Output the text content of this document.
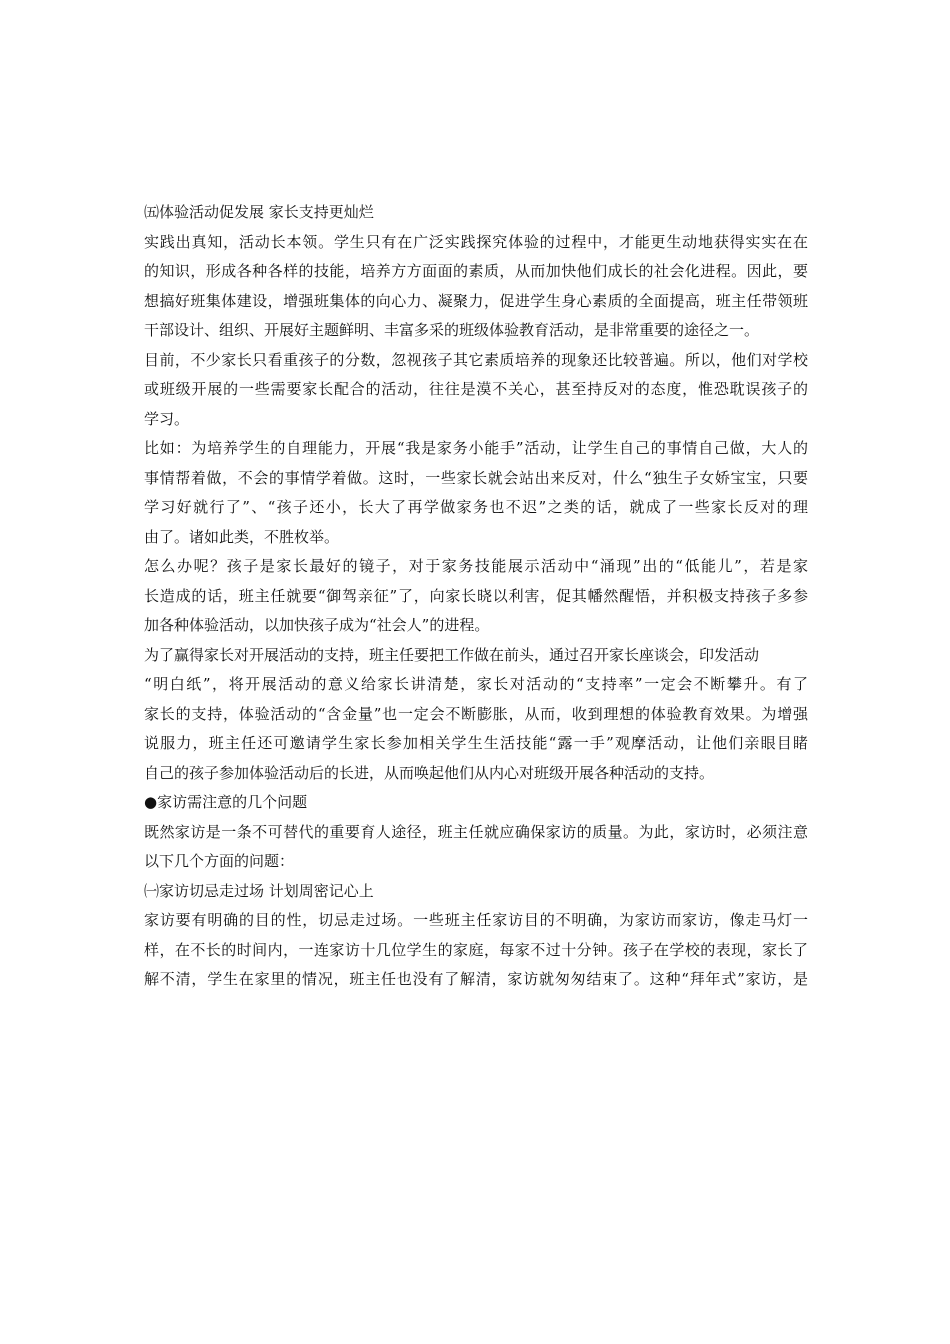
㈤体验活动促发展 家长支持更灿烂
实践出真知，活动长本领。学生只有在广泛实践探究体验的过程中，才能更生动地获得实实在在
的知识，形成各种各样的技能，培养方方面面的素质，从而加快他们成长的社会化进程。因此，要
想搞好班集体建设，增强班集体的向心力、凝聚力，促进学生身心素质的全面提高，班主任带领班
干部设计、组织、开展好主题鲜明、丰富多采的班级体验教育活动，是非常重要的途径之一。
目前，不少家长只看重孩子的分数，忽视孩子其它素质培养的现象还比较普遍。所以，他们对学校
或班级开展的一些需要家长配合的活动，往往是漠不关心，甚至持反对的态度，惟恐耽误孩子的
学习。
比如：为培养学生的自理能力，开展“我是家务小能手”活动，让学生自己的事情自己做，大人的
事情帮着做，不会的事情学着做。这时，一些家长就会站出来反对，什么“独生子女娇宝宝，只要
学习好就行了”、“孩子还小，长大了再学做家务也不迟”之类的话，就成了一些家长反对的理
由了。诸如此类，不胜枚举。
怎么办呢？孩子是家长最好的镜子，对于家务技能展示活动中“涌现”出的“低能儿”，若是家
长造成的话，班主任就要“御驾亲征”了，向家长晓以利害，促其幡然醒悟，并积极支持孩子多参
加各种体验活动，以加快孩子成为“社会人”的进程。
为了赢得家长对开展活动的支持，班主任要把工作做在前头，通过召开家长座谈会，印发活动
“明白纸”，将开展活动的意义给家长讲清楚，家长对活动的“支持率”一定会不断攀升。有了
家长的支持，体验活动的“含金量”也一定会不断膨胀，从而，收到理想的体验教育效果。为增强
说服力，班主任还可邀请学生家长参加相关学生生活技能“露一手”观摩活动，让他们亲眼目睹
自己的孩子参加体验活动后的长进，从而唤起他们从内心对班级开展各种活动的支持。
●家访需注意的几个问题
既然家访是一条不可替代的重要育人途径，班主任就应确保家访的质量。为此，家访时，必须注意
以下几个方面的问题：
㈠家访切忌走过场 计划周密记心上
家访要有明确的目的性，切忌走过场。一些班主任家访目的不明确，为家访而家访，像走马灯一
样，在不长的时间内，一连家访十几位学生的家庭，每家不过十分钟。孩子在学校的表现，家长了
解不清，学生在家里的情况，班主任也没有了解清，家访就匆匆结束了。这种“拜年式”家访，是
